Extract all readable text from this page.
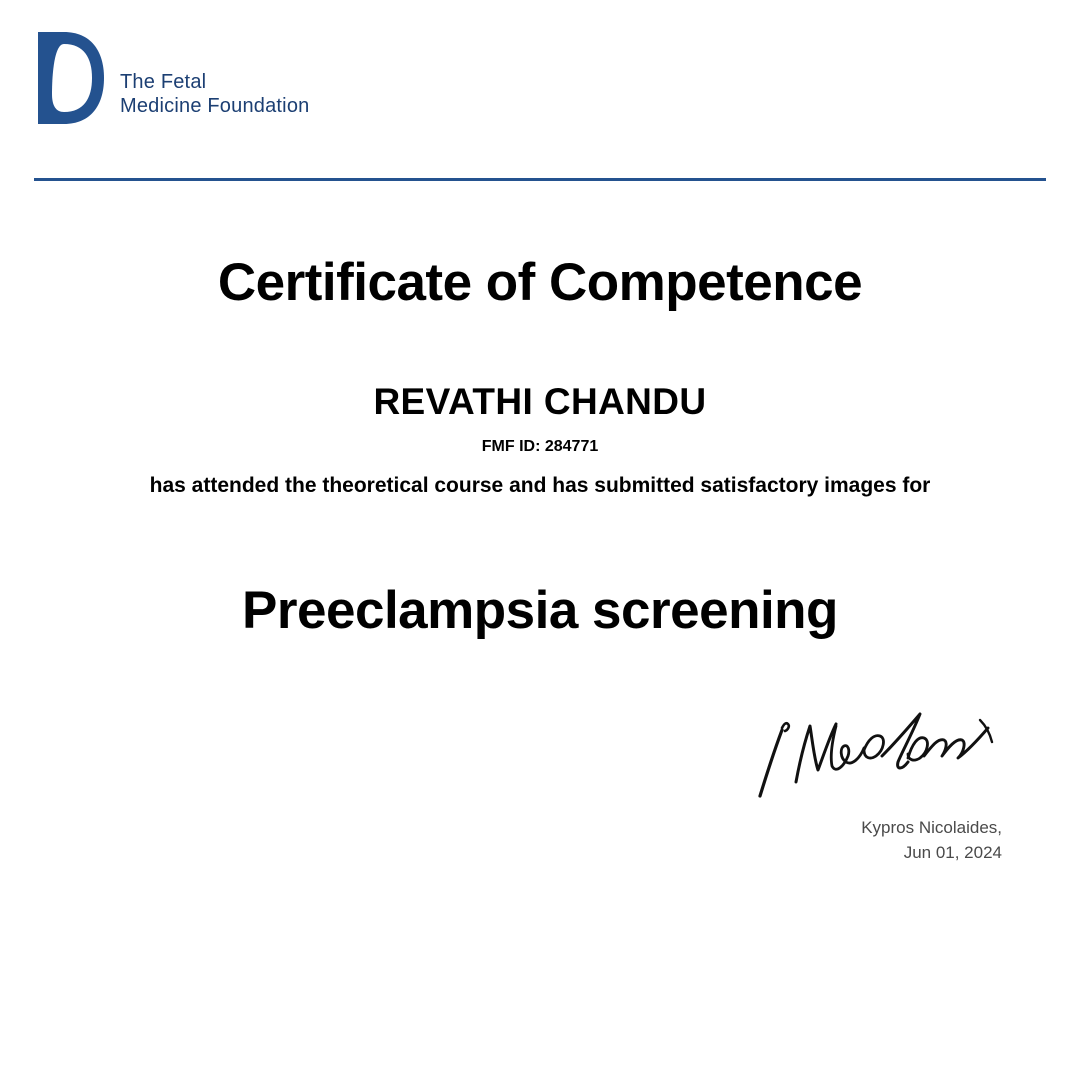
The Fetal
Medicine Foundation
Certificate of Competence
REVATHI CHANDU
FMF ID: 284771
has attended the theoretical course and has submitted satisfactory images for
Preeclampsia screening
Kypros Nicolaides,
Jun 01, 2024
